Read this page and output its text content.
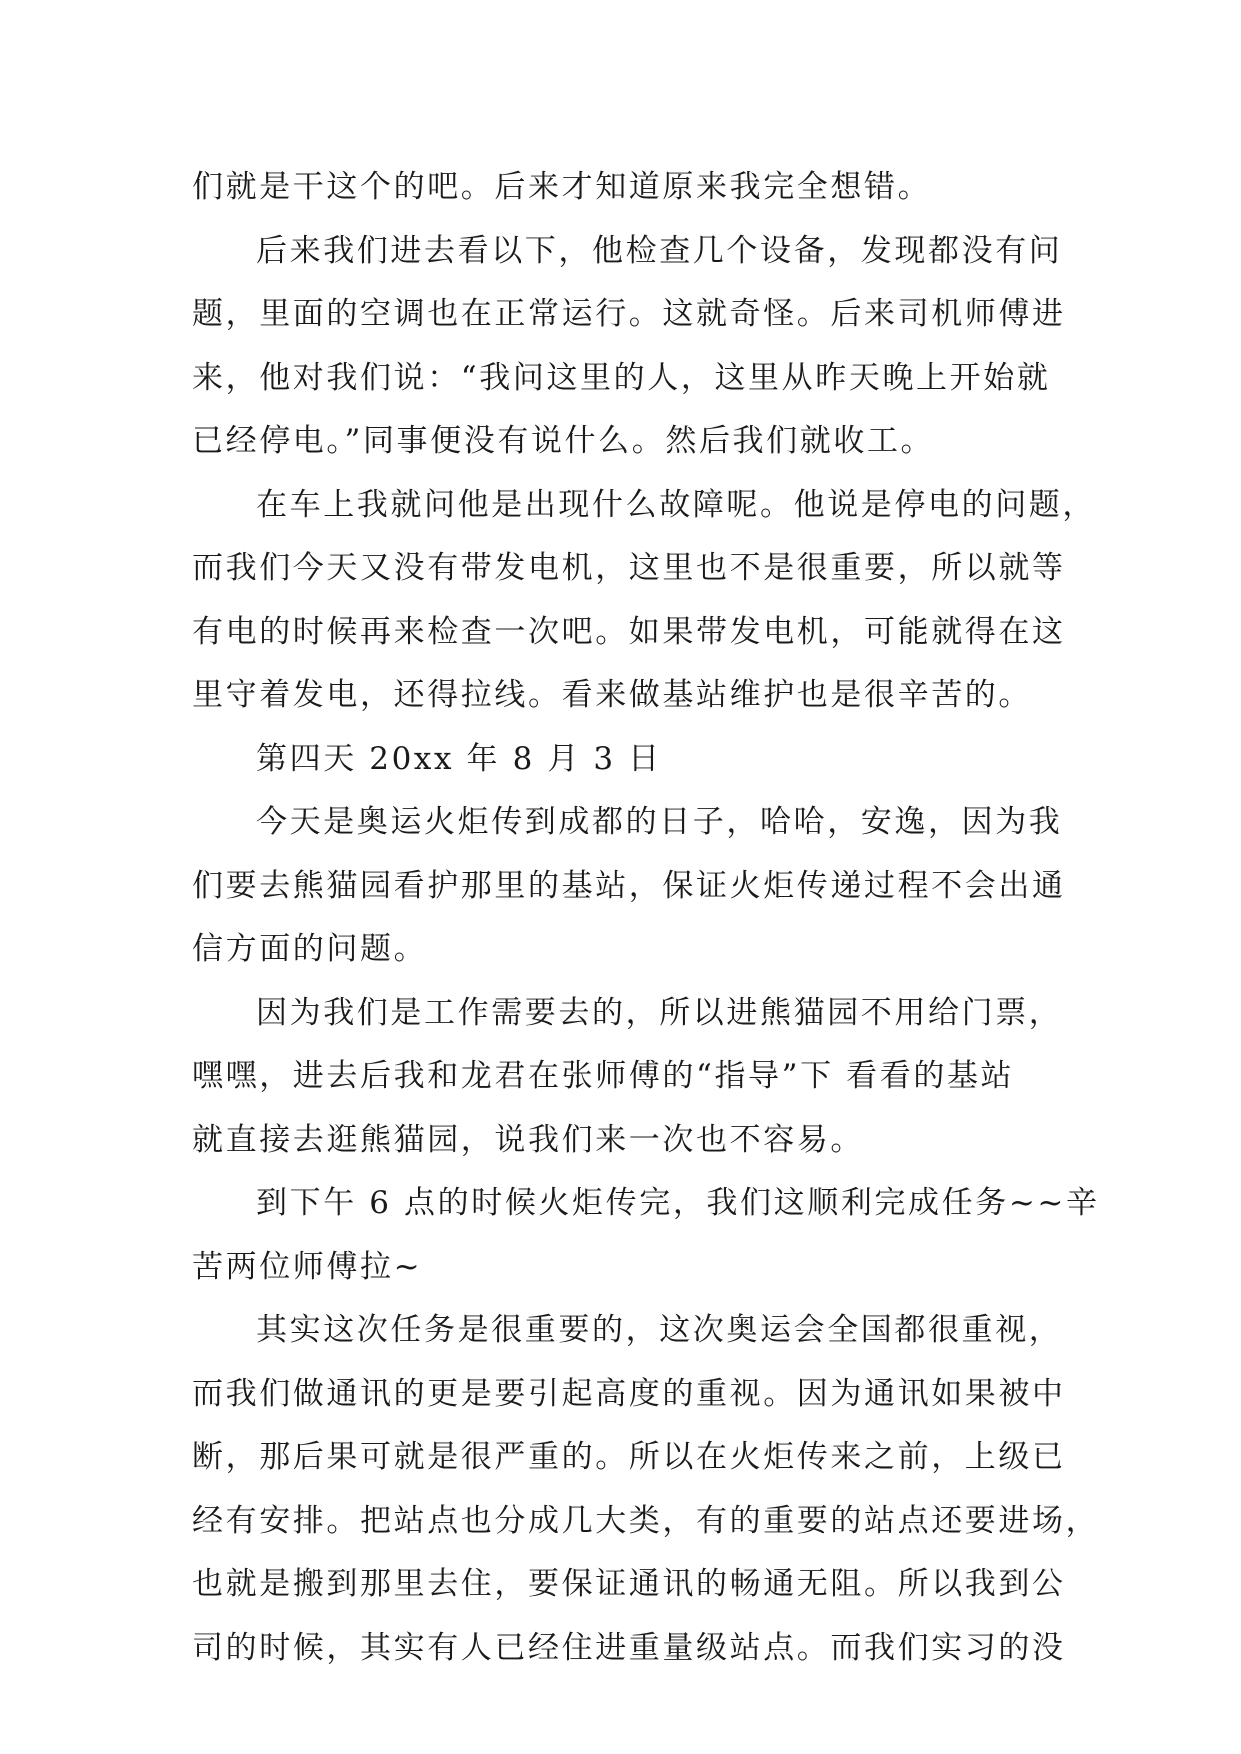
们就是干这个的吧。后来才知道原来我完全想错。
后来我们进去看以下，他检查几个设备，发现都没有问
题，里面的空调也在正常运行。这就奇怪。后来司机师傅进
来，他对我们说：“我问这里的人，这里从昨天晚上开始就
已经停电。”同事便没有说什么。然后我们就收工。
在车上我就问他是出现什么故障呢。他说是停电的问题，
而我们今天又没有带发电机，这里也不是很重要，所以就等
有电的时候再来检查一次吧。如果带发电机，可能就得在这
里守着发电，还得拉线。看来做基站维护也是很辛苦的。
第四天 20xx 年 8 月 3 日
今天是奥运火炬传到成都的日子，哈哈，安逸，因为我
们要去熊猫园看护那里的基站，保证火炬传递过程不会出通
信方面的问题。
因为我们是工作需要去的，所以进熊猫园不用给门票，
嘿嘿，进去后我和龙君在张师傅的“指导”下 看看的基站
就直接去逛熊猫园，说我们来一次也不容易。
到下午 6 点的时候火炬传完，我们这顺利完成任务~~辛
苦两位师傅拉~
其实这次任务是很重要的，这次奥运会全国都很重视，
而我们做通讯的更是要引起高度的重视。因为通讯如果被中
断，那后果可就是很严重的。所以在火炬传来之前，上级已
经有安排。把站点也分成几大类，有的重要的站点还要进场，
也就是搬到那里去住，要保证通讯的畅通无阻。所以我到公
司的时候，其实有人已经住进重量级站点。而我们实习的没
